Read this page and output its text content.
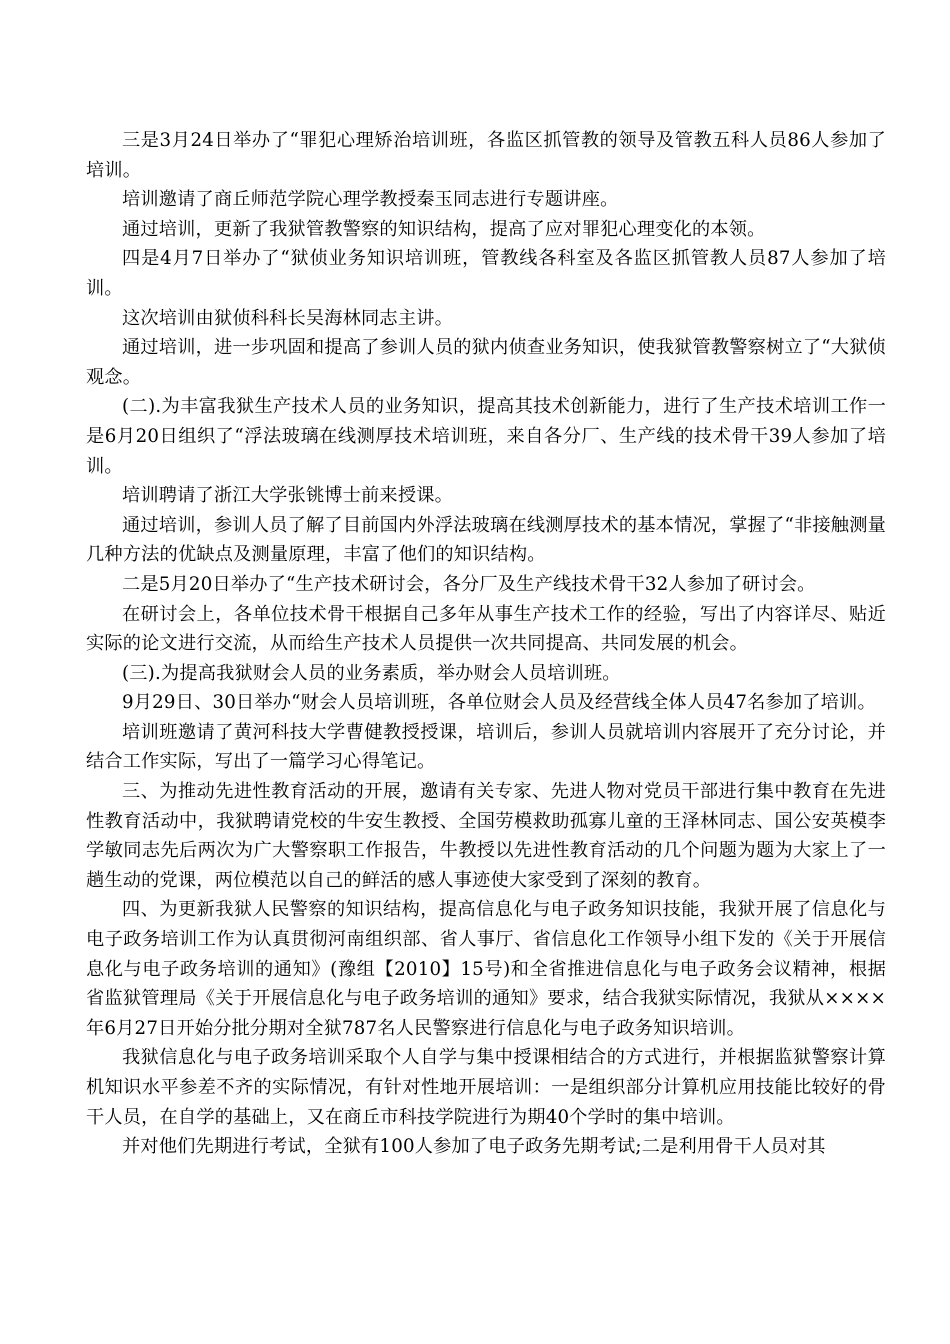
三是3月24日举办了“罪犯心理矫治培训班，各监区抓管教的领导及管教五科人员86人参加了培训。

培训邀请了商丘师范学院心理学教授秦玉同志进行专题讲座。

通过培训，更新了我狱管教警察的知识结构，提高了应对罪犯心理变化的本领。

四是4月7日举办了“狱侦业务知识培训班，管教线各科室及各监区抓管教人员87人参加了培训。

这次培训由狱侦科科长吴海林同志主讲。

通过培训，进一步巩固和提高了参训人员的狱内侦查业务知识，使我狱管教警察树立了“大狱侦观念。

(二).为丰富我狱生产技术人员的业务知识，提高其技术创新能力，进行了生产技术培训工作一是6月20日组织了“浮法玻璃在线测厚技术培训班，来自各分厂、生产线的技术骨干39人参加了培训。

培训聘请了浙江大学张铫博士前来授课。

通过培训，参训人员了解了目前国内外浮法玻璃在线测厚技术的基本情况，掌握了“非接触测量几种方法的优缺点及测量原理，丰富了他们的知识结构。

二是5月20日举办了“生产技术研讨会，各分厂及生产线技术骨干32人参加了研讨会。

在研讨会上，各单位技术骨干根据自己多年从事生产技术工作的经验，写出了内容详尽、贴近实际的论文进行交流，从而给生产技术人员提供一次共同提高、共同发展的机会。

(三).为提高我狱财会人员的业务素质，举办财会人员培训班。

9月29日、30日举办“财会人员培训班，各单位财会人员及经营线全体人员47名参加了培训。

培训班邀请了黄河科技大学曹健教授授课，培训后，参训人员就培训内容展开了充分讨论，并结合工作实际，写出了一篇学习心得笔记。

三、为推动先进性教育活动的开展，邀请有关专家、先进人物对党员干部进行集中教育在先进性教育活动中，我狱聘请党校的牛安生教授、全国劳模救助孤寡儿童的王泽林同志、国公安英模李学敏同志先后两次为广大警察职工作报告，牛教授以先进性教育活动的几个问题为题为大家上了一趟生动的党课，两位模范以自己的鲜活的感人事迹使大家受到了深刻的教育。

四、为更新我狱人民警察的知识结构，提高信息化与电子政务知识技能，我狱开展了信息化与电子政务培训工作为认真贯彻河南组织部、省人事厅、省信息化工作领导小组下发的《关于开展信息化与电子政务培训的通知》(豫组【2010】15号)和全省推进信息化与电子政务会议精神，根据省监狱管理局《关于开展信息化与电子政务培训的通知》要求，结合我狱实际情况，我狱从××××年6月27日开始分批分期对全狱787名人民警察进行信息化与电子政务知识培训。

我狱信息化与电子政务培训采取个人自学与集中授课相结合的方式进行，并根据监狱警察计算机知识水平参差不齐的实际情况，有针对性地开展培训：一是组织部分计算机应用技能比较好的骨干人员，在自学的基础上，又在商丘市科技学院进行为期40个学时的集中培训。

并对他们先期进行考试，全狱有100人参加了电子政务先期考试;二是利用骨干人员对其
